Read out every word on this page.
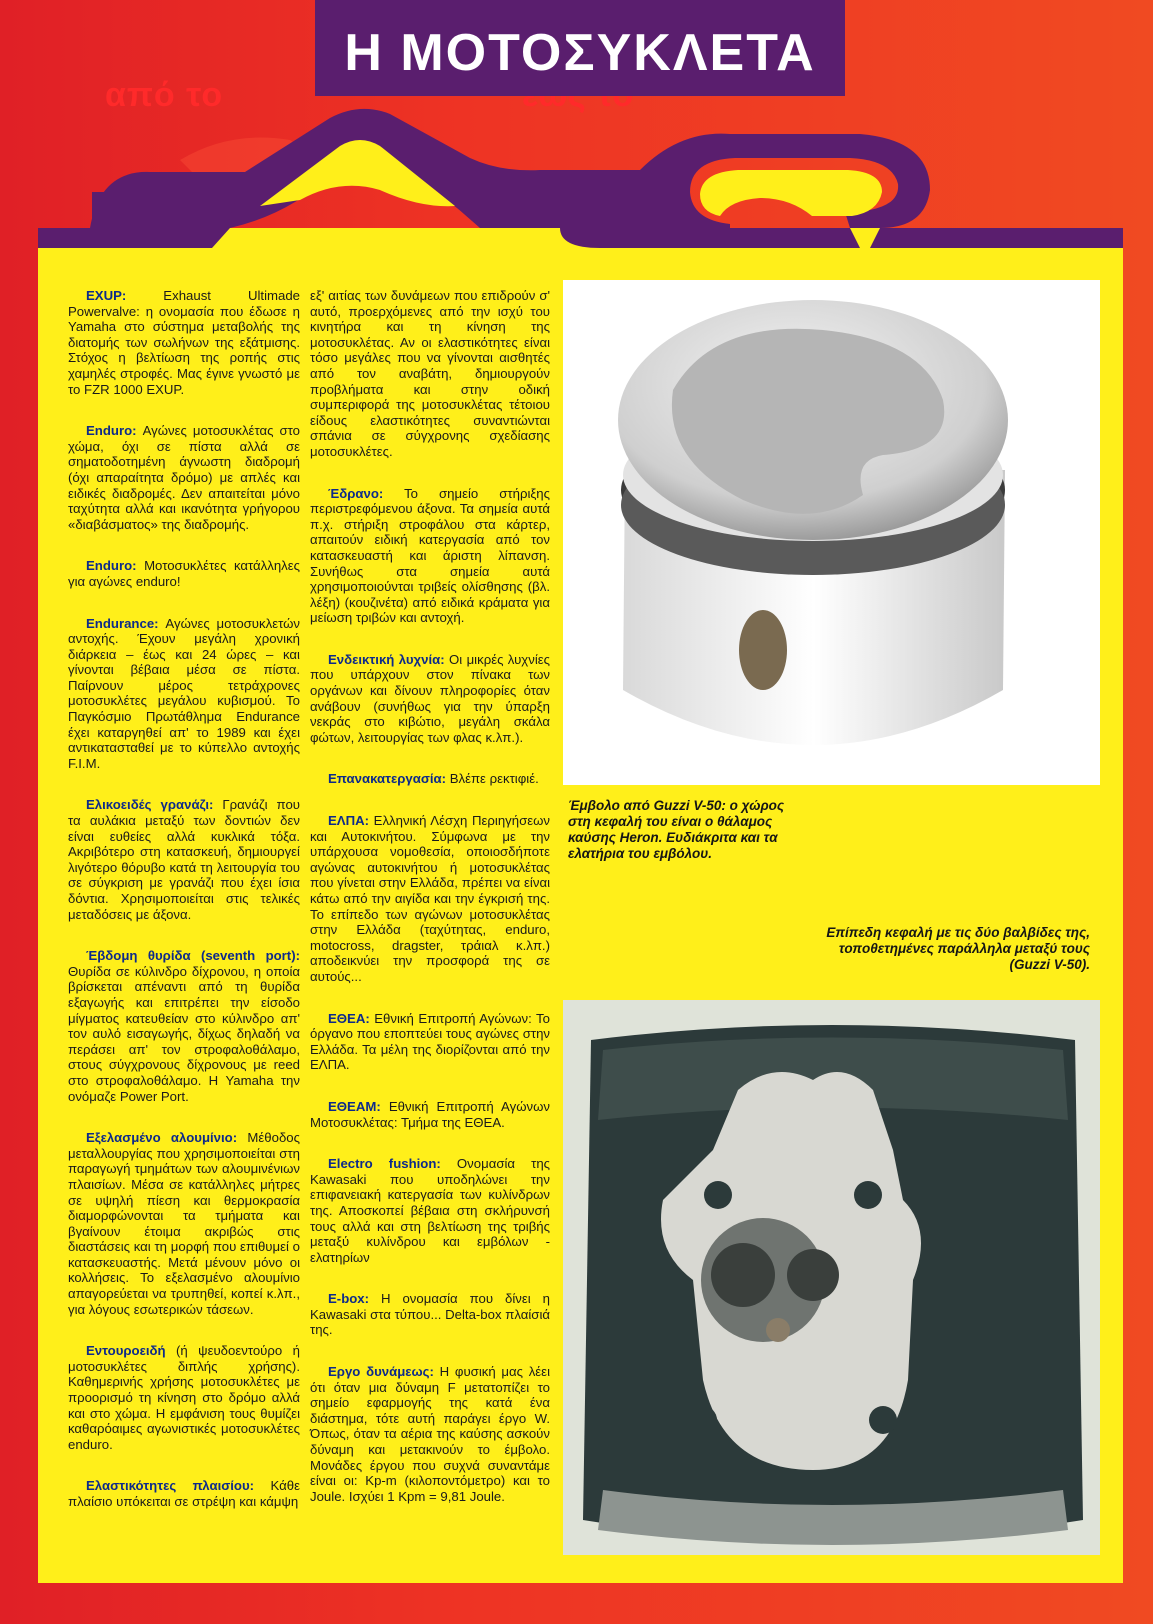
από το
Η ΜΟΤΟΣΥΚΛΕΤΑ

EXUP: Exhaust Ultimade Powervalve: η ονομασία που έδωσε η Yamaha στο σύστημα μεταβολής της διατομής των σωλήνων της εξάτμισης. Στόχος η βελτίωση της ροπής στις χαμηλές στροφές. Μας έγινε γνωστό με το FZR 1000 EXUP.

Enduro: Αγώνες μοτοσυκλέτας στο χώμα, όχι σε πίστα αλλά σε σηματοδοτημένη άγνωστη διαδρομή (όχι απαραίτητα δρόμο) με απλές και ειδικές διαδρομές. Δεν απαιτείται μόνο ταχύτητα αλλά και ικανότητα γρήγορου «διαβάσματος» της διαδρομής.

Enduro: Μοτοσυκλέτες κατάλληλες για αγώνες enduro!

Endurance: Αγώνες μοτοσυκλετών αντοχής. Έχουν μεγάλη χρονική διάρκεια – έως και 24 ώρες – και γίνονται βέβαια μέσα σε πίστα. Παίρνουν μέρος τετράχρονες μοτοσυκλέτες μεγάλου κυβισμού. Το Παγκόσμιο Πρωτάθλημα Endurance έχει καταργηθεί απ' το 1989 και έχει αντικατασταθεί με το κύπελλο αντοχής F.I.M.

Ελικοειδές γρανάζι: Γρανάζι που τα αυλάκια μεταξύ των δοντιών δεν είναι ευθείες αλλά κυκλικά τόξα. Ακριβότερο στη κατασκευή, δημιουργεί λιγότερο θόρυβο κατά τη λειτουργία του σε σύγκριση με γρανάζι που έχει ίσια δόντια. Χρησιμοποιείται στις τελικές μεταδόσεις με άξονα.

Έβδομη θυρίδα (seventh port): Θυρίδα σε κύλινδρο δίχρονου, η οποία βρίσκεται απέναντι από τη θυρίδα εξαγωγής και επιτρέπει την είσοδο μίγματος κατευθείαν στο κύλινδρο απ' τον αυλό εισαγωγής, δίχως δηλαδή να περάσει απ' τον στροφαλοθάλαμο, στους σύγχρονους δίχρονους με reed στο στροφαλοθάλαμο. Η Yamaha την ονόμαζε Power Port.

Εξελασμένο αλουμίνιο: Μέθοδος μεταλλουργίας που χρησιμοποιείται στη παραγωγή τμημάτων των αλουμινένιων πλαισίων. Μέσα σε κατάλληλες μήτρες σε υψηλή πίεση και θερμοκρασία διαμορφώνονται τα τμήματα και βγαίνουν έτοιμα ακριβώς στις διαστάσεις και τη μορφή που επιθυμεί ο κατασκευαστής. Μετά μένουν μόνο οι κολλήσεις. Το εξελασμένο αλουμίνιο απαγορεύεται να τρυπηθεί, κοπεί κ.λπ., για λόγους εσωτερικών τάσεων.

Εντουροειδή (ή ψευδοεντούρο ή μοτοσυκλέτες διπλής χρήσης). Καθημερινής χρήσης μοτοσυκλέτες με προορισμό τη κίνηση στο δρόμο αλλά και στο χώμα. Η εμφάνιση τους θυμίζει καθαρόαιμες αγωνιστικές μοτοσυκλέτες enduro.

Ελαστικότητες πλαισίου: Κάθε πλαίσιο υπόκειται σε στρέψη και κάμψη

εξ' αιτίας των δυνάμεων που επιδρούν σ' αυτό, προερχόμενες από την ισχύ του κινητήρα και τη κίνηση της μοτοσυκλέτας. Αν οι ελαστικότητες είναι τόσο μεγάλες που να γίνονται αισθητές από τον αναβάτη, δημιουργούν προβλήματα και στην οδική συμπεριφορά της μοτοσυκλέτας τέτοιου είδους ελαστικότητες συναντιώνται σπάνια σε σύγχρονης σχεδίασης μοτοσυκλέτες.

Έδρανο: Το σημείο στήριξης περιστρεφόμενου άξονα. Τα σημεία αυτά π.χ. στήριξη στροφάλου στα κάρτερ, απαιτούν ειδική κατεργασία από τον κατασκευαστή και άριστη λίπανση. Συνήθως στα σημεία αυτά χρησιμοποιούνται τριβείς ολίσθησης (βλ. λέξη) (κουζινέτα) από ειδικά κράματα για μείωση τριβών και αντοχή.

Ενδεικτική λυχνία: Οι μικρές λυχνίες που υπάρχουν στον πίνακα των οργάνων και δίνουν πληροφορίες όταν ανάβουν (συνήθως για την ύπαρξη νεκράς στο κιβώτιο, μεγάλη σκάλα φώτων, λειτουργίας των φλας κ.λπ.).

Επανακατεργασία: Βλέπε ρεκτιφιέ.

ΕΛΠΑ: Ελληνική Λέσχη Περιηγήσεων και Αυτοκινήτου. Σύμφωνα με την υπάρχουσα νομοθεσία, οποιοσδήποτε αγώνας αυτοκινήτου ή μοτοσυκλέτας που γίνεται στην Ελλάδα, πρέπει να είναι κάτω από την αιγίδα και την έγκρισή της. Το επίπεδο των αγώνων μοτοσυκλέτας στην Ελλάδα (ταχύτητας, enduro, motocross, dragster, τράιαλ κ.λπ.) αποδεικνύει την προσφορά της σε αυτούς...

ΕΘΕΑ: Εθνική Επιτροπή Αγώνων: Το όργανο που εποπτεύει τους αγώνες στην Ελλάδα. Τα μέλη της διορίζονται από την ΕΛΠΑ.

ΕΘΕΑΜ: Εθνική Επιτροπή Αγώνων Μοτοσυκλέτας: Τμήμα της ΕΘΕΑ.

Electro fushion: Ονομασία της Kawasaki που υποδηλώνει την επιφανειακή κατεργασία των κυλίνδρων της. Αποσκοπεί βέβαια στη σκλήρυνσή τους αλλά και στη βελτίωση της τριβής μεταξύ κυλίνδρου και εμβόλων - ελατηρίων

E-box: Η ονομασία που δίνει η Kawasaki στα τύπου... Delta-box πλαίσιά της.

Εργο δυνάμεως: Η φυσική μας λέει ότι όταν μια δύναμη F μετατοπίζει το σημείο εφαρμογής της κατά ένα διάστημα, τότε αυτή παράγει έργο W. Όπως, όταν τα αέρια της καύσης ασκούν δύναμη και μετακινούν το έμβολο. Μονάδες έργου που συχνά συναντάμε είναι οι: Kp-m (κιλοποντόμετρο) και το Joule. Ισχύει 1 Kpm = 9,81 Joule.

Έμβολο από Guzzi V-50: ο χώρος στη κεφαλή του είναι ο θάλαμος καύσης Heron. Ευδιάκριτα και τα ελατήρια του εμβόλου.
Επίπεδη κεφαλή με τις δύο βαλβίδες της, τοποθετημένες παράλληλα μεταξύ τους (Guzzi V-50).
